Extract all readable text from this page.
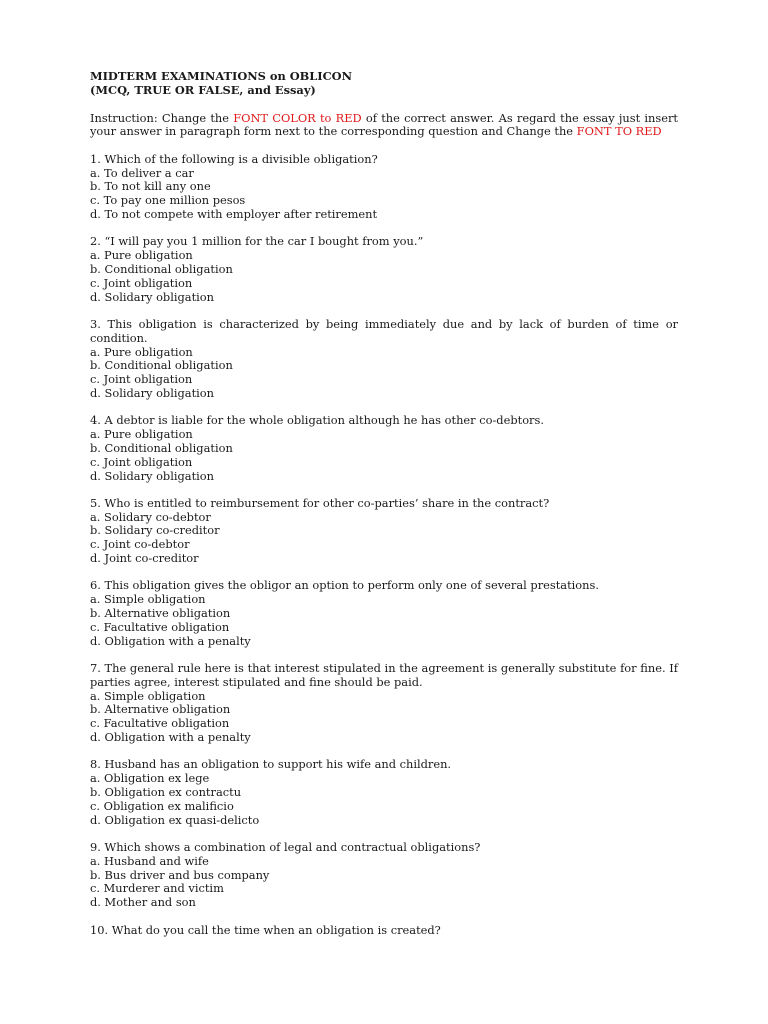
MIDTERM EXAMINATIONS on OBLICON
(MCQ, TRUE OR FALSE, and Essay)
Instruction: Change the FONT COLOR to RED of the correct answer. As regard the essay just insert your answer in paragraph form next to the corresponding question and Change the FONT TO RED
1. Which of the following is a divisible obligation?
a. To deliver a car
b. To not kill any one
c. To pay one million pesos
d. To not compete with employer after retirement
2. “I will pay you 1 million for the car I bought from you.”
a. Pure obligation
b. Conditional obligation
c. Joint obligation
d. Solidary obligation
3. This obligation is characterized by being immediately due and by lack of burden of time or condition.
a. Pure obligation
b. Conditional obligation
c. Joint obligation
d. Solidary obligation
4. A debtor is liable for the whole obligation although he has other co-debtors.
a. Pure obligation
b. Conditional obligation
c. Joint obligation
d. Solidary obligation
5. Who is entitled to reimbursement for other co-parties’ share in the contract?
a. Solidary co-debtor
b. Solidary co-creditor
c. Joint co-debtor
d. Joint co-creditor
6. This obligation gives the obligor an option to perform only one of several prestations.
a. Simple obligation
b. Alternative obligation
c. Facultative obligation
d. Obligation with a penalty
7. The general rule here is that interest stipulated in the agreement is generally substitute for fine. If parties agree, interest stipulated and fine should be paid.
a. Simple obligation
b. Alternative obligation
c. Facultative obligation
d. Obligation with a penalty
8. Husband has an obligation to support his wife and children.
a. Obligation ex lege
b. Obligation ex contractu
c. Obligation ex malificio
d. Obligation ex quasi-delicto
9. Which shows a combination of legal and contractual obligations?
a. Husband and wife
b. Bus driver and bus company
c. Murderer and victim
d. Mother and son
10. What do you call the time when an obligation is created?
